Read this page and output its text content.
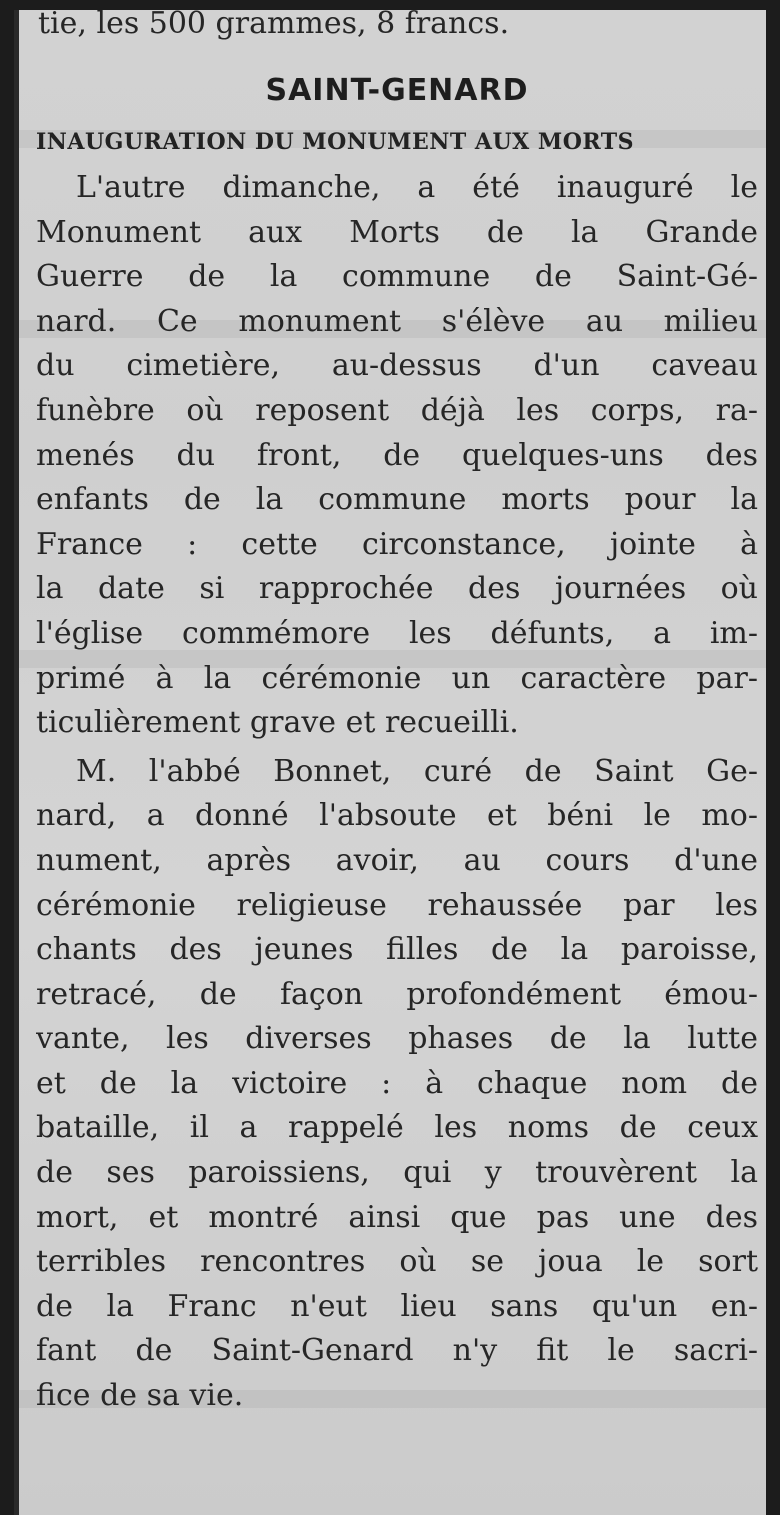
tie, les 500 grammes, 8 francs.
SAINT-GENARD
INAUGURATION DU MONUMENT AUX MORTS
L'autre dimanche, a été inauguré le
Monument aux Morts de la Grande
Guerre de la commune de Saint-Gé-
nard. Ce monument s'élève au milieu
du cimetière, au-dessus d'un caveau
funèbre où reposent déjà les corps, ra-
menés du front, de quelques-uns des
enfants de la commune morts pour la
France : cette circonstance, jointe à
la date si rapprochée des journées où
l'église commémore les défunts, a im-
primé à la cérémonie un caractère par-
ticulièrement grave et recueilli.
M. l'abbé Bonnet, curé de Saint Ge-
nard, a donné l'absoute et béni le mo-
nument, après avoir, au cours d'une
cérémonie religieuse rehaussée par les
chants des jeunes filles de la paroisse,
retracé, de façon profondément émou-
vante, les diverses phases de la lutte
et de la victoire : à chaque nom de
bataille, il a rappelé les noms de ceux
de ses paroissiens, qui y trouvèrent la
mort, et montré ainsi que pas une des
terribles rencontres où se joua le sort
de la Franc n'eut lieu sans qu'un en-
fant de Saint-Genard n'y fit le sacri-
fice de sa vie.
